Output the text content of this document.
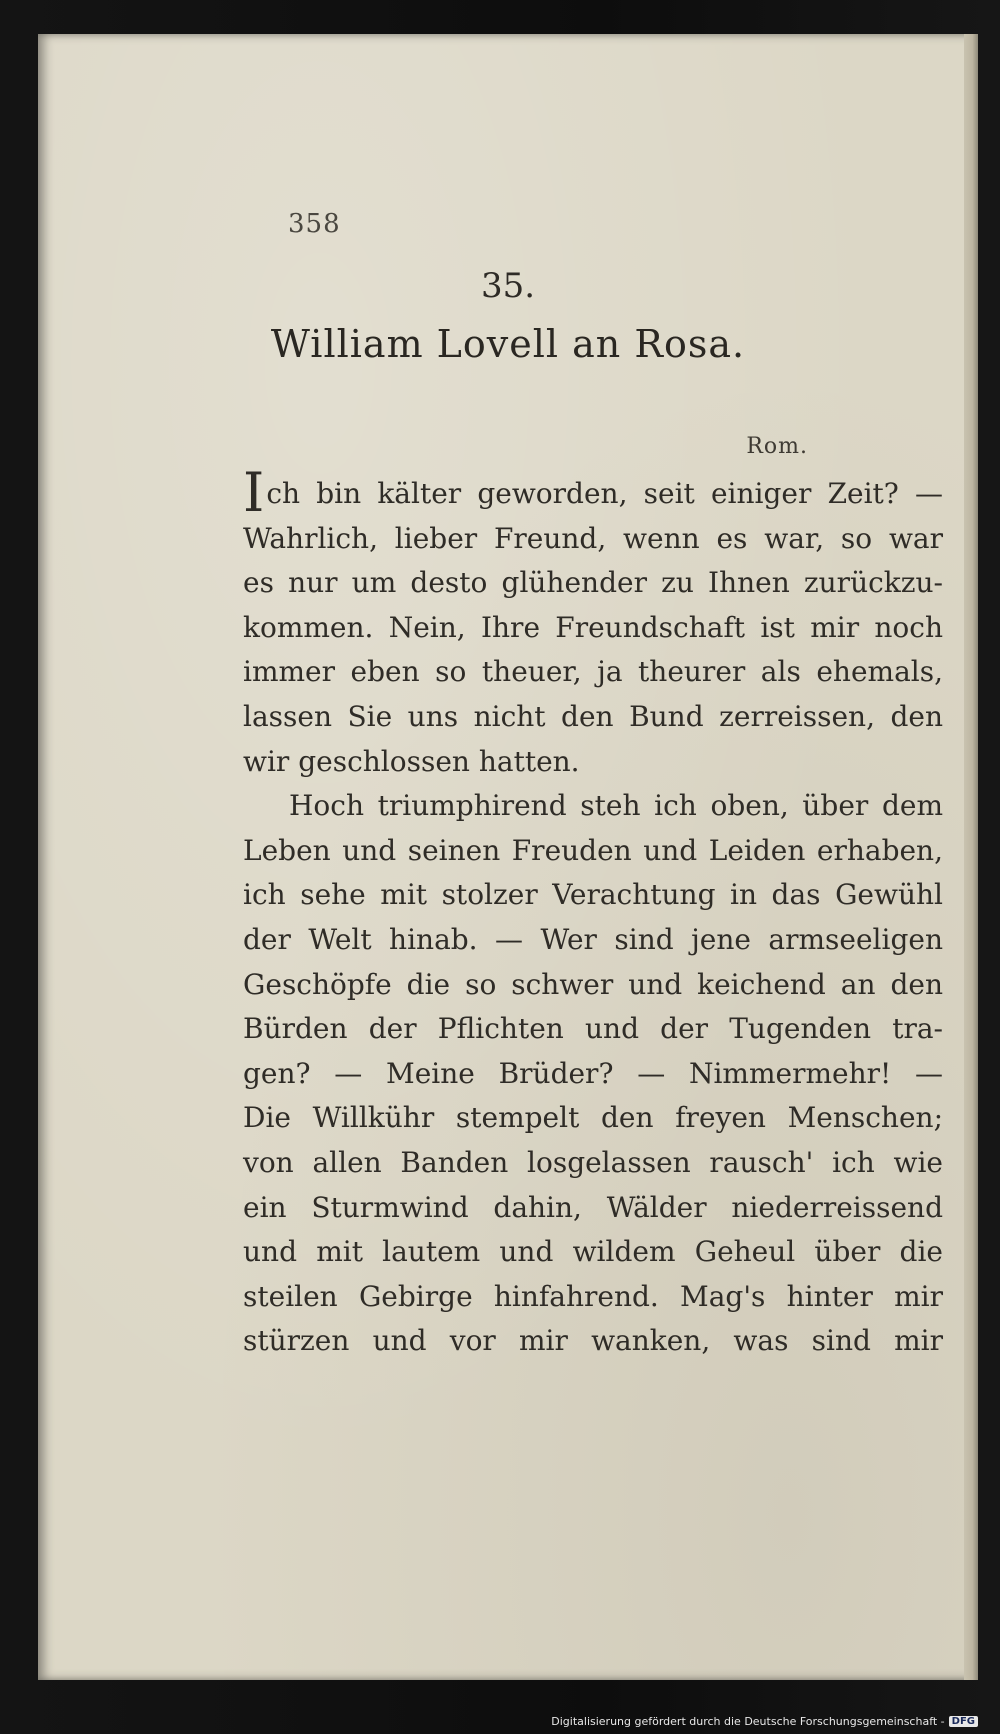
358
35.
William Lovell an Rosa.
Rom.
Ich bin kälter geworden, seit einiger Zeit? —
Wahrlich, lieber Freund, wenn es war, so war
es nur um desto glühender zu Ihnen zurückzu-
kommen. Nein, Ihre Freundschaft ist mir noch
immer eben so theuer, ja theurer als ehemals,
lassen Sie uns nicht den Bund zerreissen, den
wir geschlossen hatten.
Hoch triumphirend steh ich oben, über dem
Leben und seinen Freuden und Leiden erhaben,
ich sehe mit stolzer Verachtung in das Gewühl
der Welt hinab. — Wer sind jene armseeligen
Geschöpfe die so schwer und keichend an den
Bürden der Pflichten und der Tugenden tra-
gen? — Meine Brüder? — Nimmermehr! —
Die Willkühr stempelt den freyen Menschen;
von allen Banden losgelassen rausch' ich wie
ein Sturmwind dahin, Wälder niederreissend
und mit lautem und wildem Geheul über die
steilen Gebirge hinfahrend. Mag's hinter mir
stürzen und vor mir wanken, was sind mir
Digitalisierung gefördert durch die Deutsche Forschungsgemeinschaft - DFG
